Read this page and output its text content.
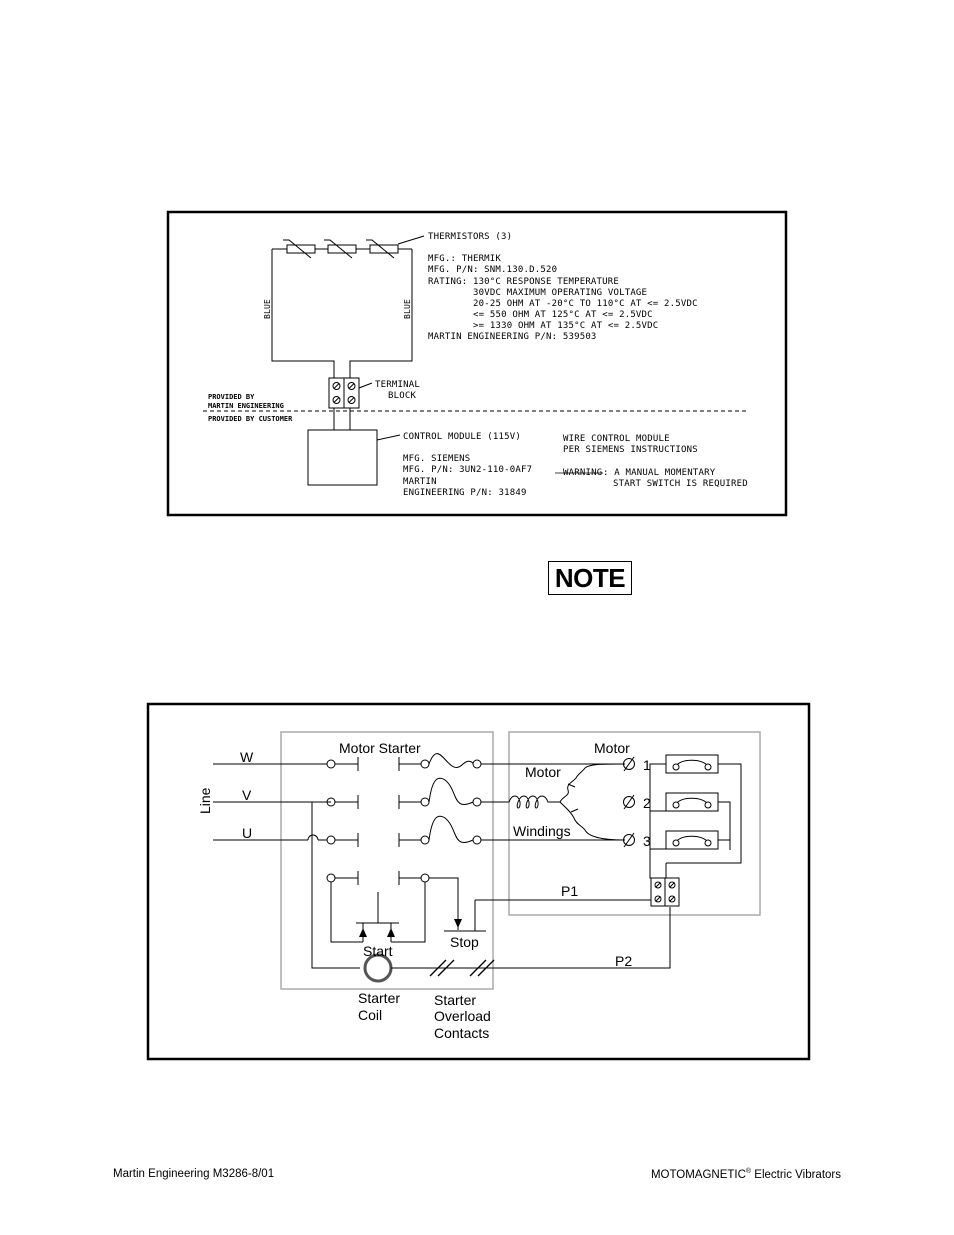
THERMISTORS (3)
MFG.: THERMIK
MFG. P/N: SNM.130.D.520
RATING: 130°C RESPONSE TEMPERATURE
30VDC MAXIMUM OPERATING VOLTAGE
20-25 OHM AT -20°C TO 110°C AT <= 2.5VDC
<= 550 OHM AT 125°C AT <= 2.5VDC
>= 1330 OHM AT 135°C AT <= 2.5VDC
MARTIN ENGINEERING P/N: 539503
BLUE	BLUE
TERMINAL
BLOCK
PROVIDED BY
MARTIN ENGINEERING
PROVIDED BY CUSTOMER
CONTROL MODULE (115V)
MFG. SIEMENS
MFG. P/N: 3UN2-110-0AF7
MARTIN
ENGINEERING P/N: 31849
WIRE CONTROL MODULE
PER SIEMENS INSTRUCTIONS
WARNING : A MANUAL MOMENTARY
START SWITCH IS REQUIRED
NOTE
Line
W
V
U
Motor Starter	Motor
Motor
Windings
1
2
3
P1
P2
Start
Stop
Starter
Coil
Starter
Overload
Contacts
Martin Engineering M3286-8/01	MOTOMAGNETIC® Electric Vibrators
